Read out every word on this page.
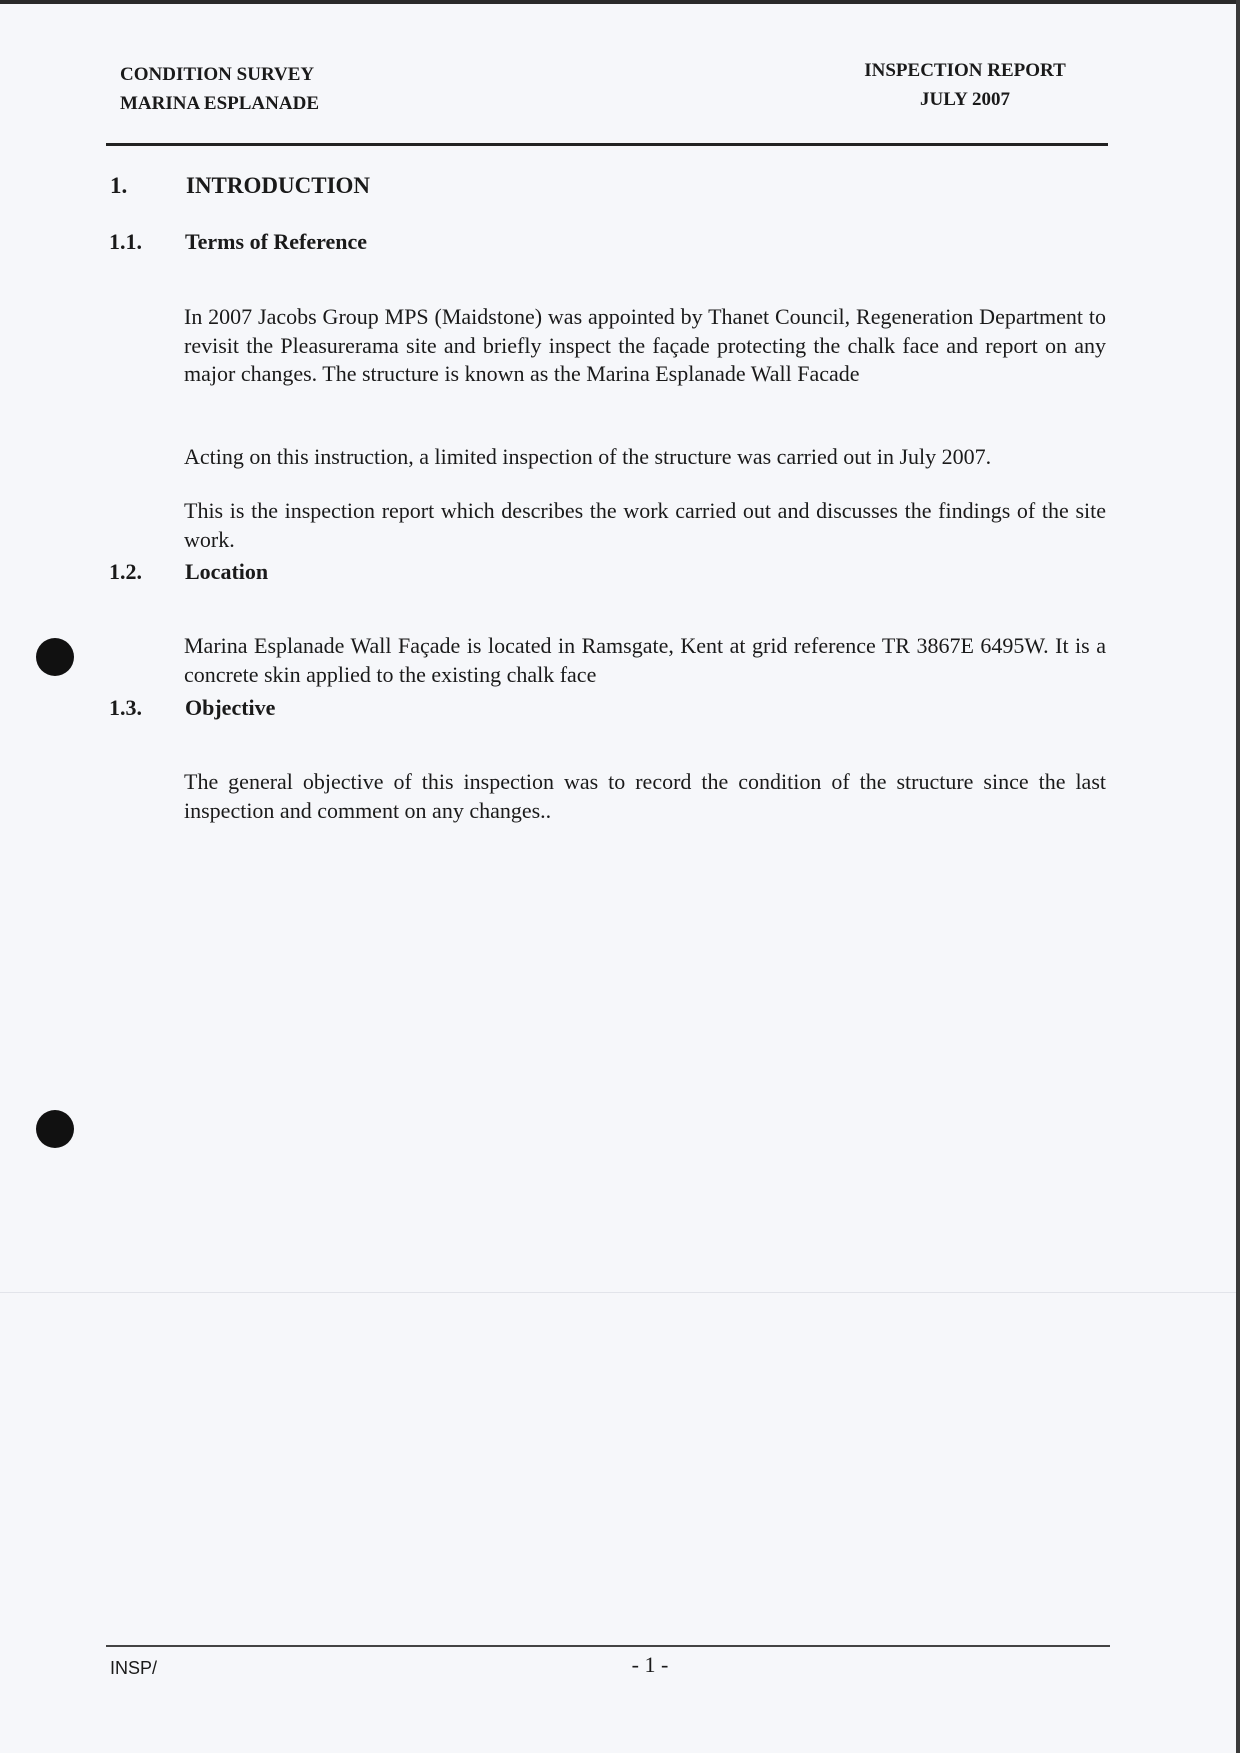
CONDITION SURVEY
MARINA ESPLANADE
INSPECTION REPORT
JULY 2007
1.	INTRODUCTION
1.1. Terms of Reference

In 2007 Jacobs Group MPS (Maidstone) was appointed by Thanet Council, Regeneration Department to revisit the Pleasurerama site and briefly inspect the façade protecting the chalk face and report on any major changes. The structure is known as the Marina Esplanade Wall Facade

Acting on this instruction, a limited inspection of the structure was carried out in July 2007.

This is the inspection report which describes the work carried out and discusses the findings of the site work.

1.2. Location

Marina Esplanade Wall Façade is located in Ramsgate, Kent at grid reference TR 3867E 6495W. It is a concrete skin applied to the existing chalk face

1.3. Objective

The general objective of this inspection was to record the condition of the structure since the last inspection and comment on any changes..

INSP/	- 1 -
